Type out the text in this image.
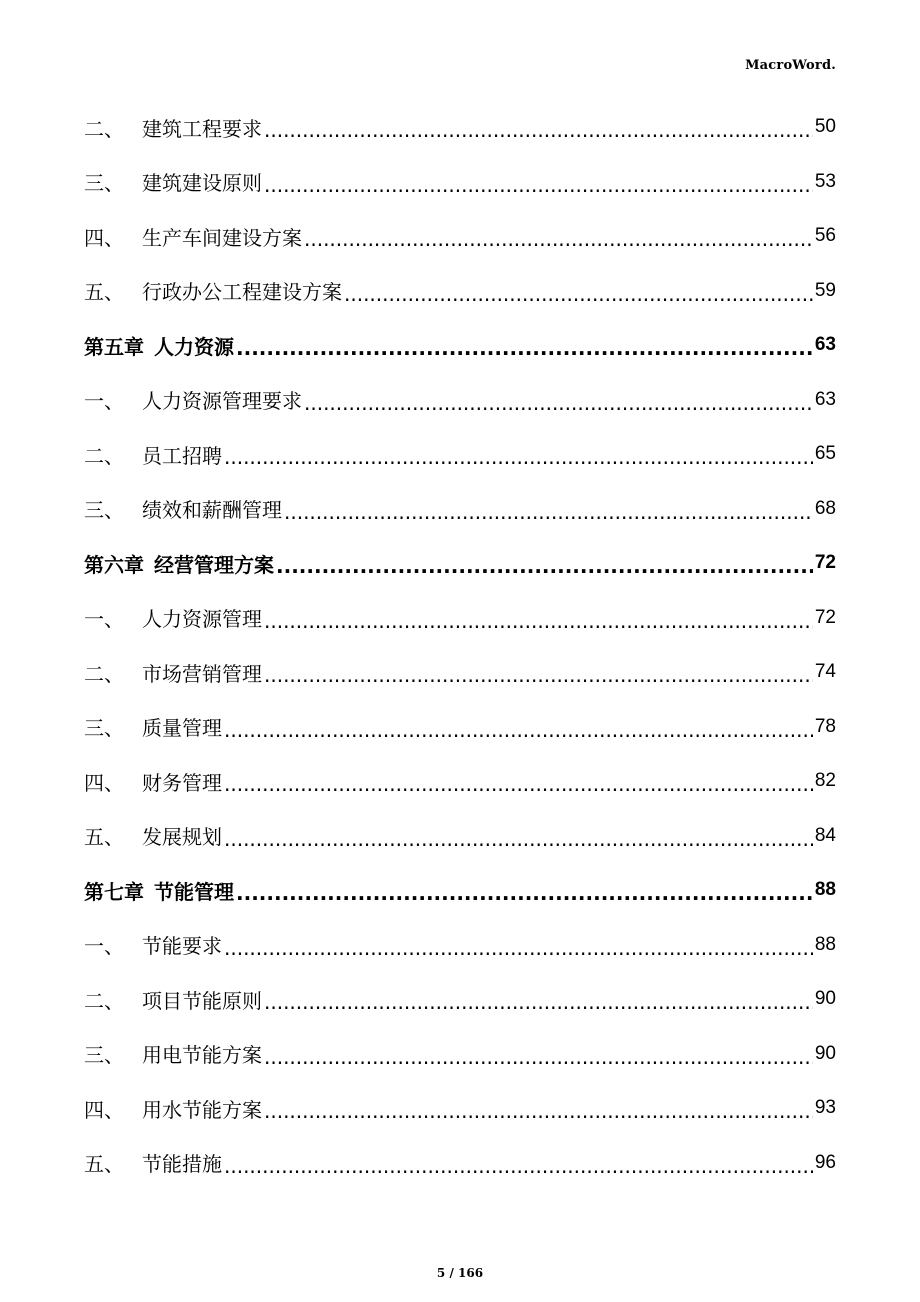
MacroWord.
二、 建筑工程要求 .....	50
三、 建筑建设原则 .....	53
四、 生产车间建设方案 .....	56
五、 行政办公工程建设方案 .....	59
第五章 人力资源 .....	63
一、 人力资源管理要求 .....	63
二、 员工招聘 .....	65
三、 绩效和薪酬管理 .....	68
第六章 经营管理方案 .....	72
一、 人力资源管理 .....	72
二、 市场营销管理 .....	74
三、 质量管理 .....	78
四、 财务管理 .....	82
五、 发展规划 .....	84
第七章 节能管理 .....	88
一、 节能要求 .....	88
二、 项目节能原则 .....	90
三、 用电节能方案 .....	90
四、 用水节能方案 .....	93
五、 节能措施 .....	96
5 / 166
